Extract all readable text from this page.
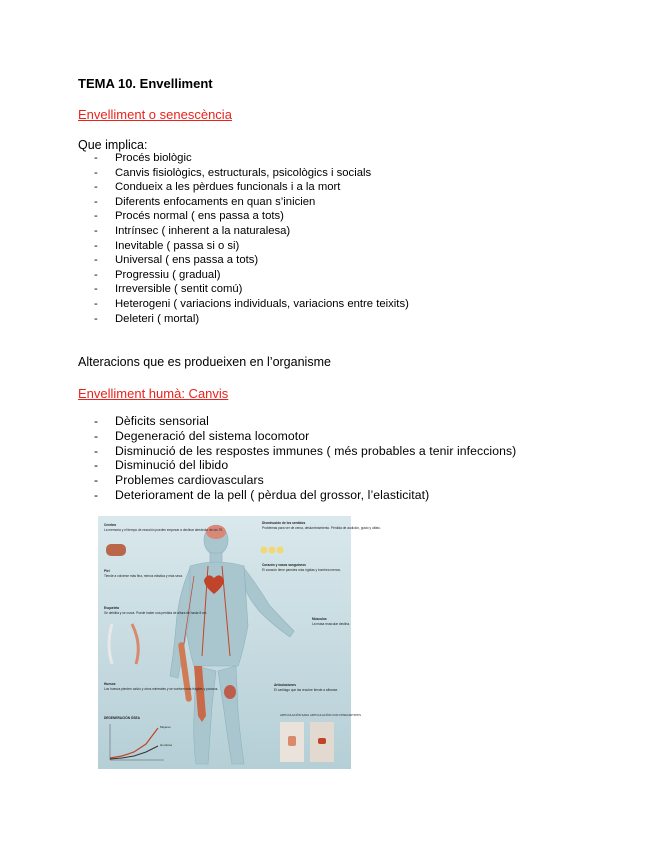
TEMA 10. Envelliment
Envelliment o senescència
Que implica:
- Procés biològic
- Canvis fisiològics, estructurals, psicològics i socials
- Condueix a les pèrdues funcionals i a la mort
- Diferents enfocaments en quan s’inicien
- Procés normal ( ens passa a tots)
- Intrínsec ( inherent a la naturalesa)
- Inevitable ( passa si o si)
- Universal ( ens passa a tots)
- Progressiu ( gradual)
- Irreversible ( sentit comú)
- Heterogeni ( variacions individuals, variacions entre teixits)
- Deleteri ( mortal)
Alteracions que es produeixen en l’organisme
Envelliment humà: Canvis
- Dèficits sensorial
- Degeneració del sistema locomotor
- Disminució de les respostes immunes ( més probables a tenir infeccions)
- Disminució del libido
- Problemes cardiovasculars
- Deteriorament de la pell ( pèrdua del grossor, l’elasticitat)
Cerebro
La memoria y el tiempo de reacción pueden empezar a declinar alrededor de los 70.
Piel
Tiende a volverse más fina, menos elástica y más seca.
Esqueleto
Se debilita y se curva. Puede haber una pérdida de altura de hasta 8 cm.
Huesos
Los huesos pierden calcio y otros minerales y se vuelven más frágiles y porosos.
Disminución de los sentidos
Problemas para ver de cerca, deslumbramiento. Pérdida de audición, gusto y olfato.
Corazón y vasos sanguíneos
El corazón tiene paredes más rígidas y bombea menos.
Músculos
La masa muscular declina.
Articulaciones
El cartílago que las recubre tiende a afinarse.
DEGENERACIÓN ÓSEA
Mujeres
Hombres
ARTICULACIÓN SANA ARTICULACIÓN CON OSTEOARTRITIS
